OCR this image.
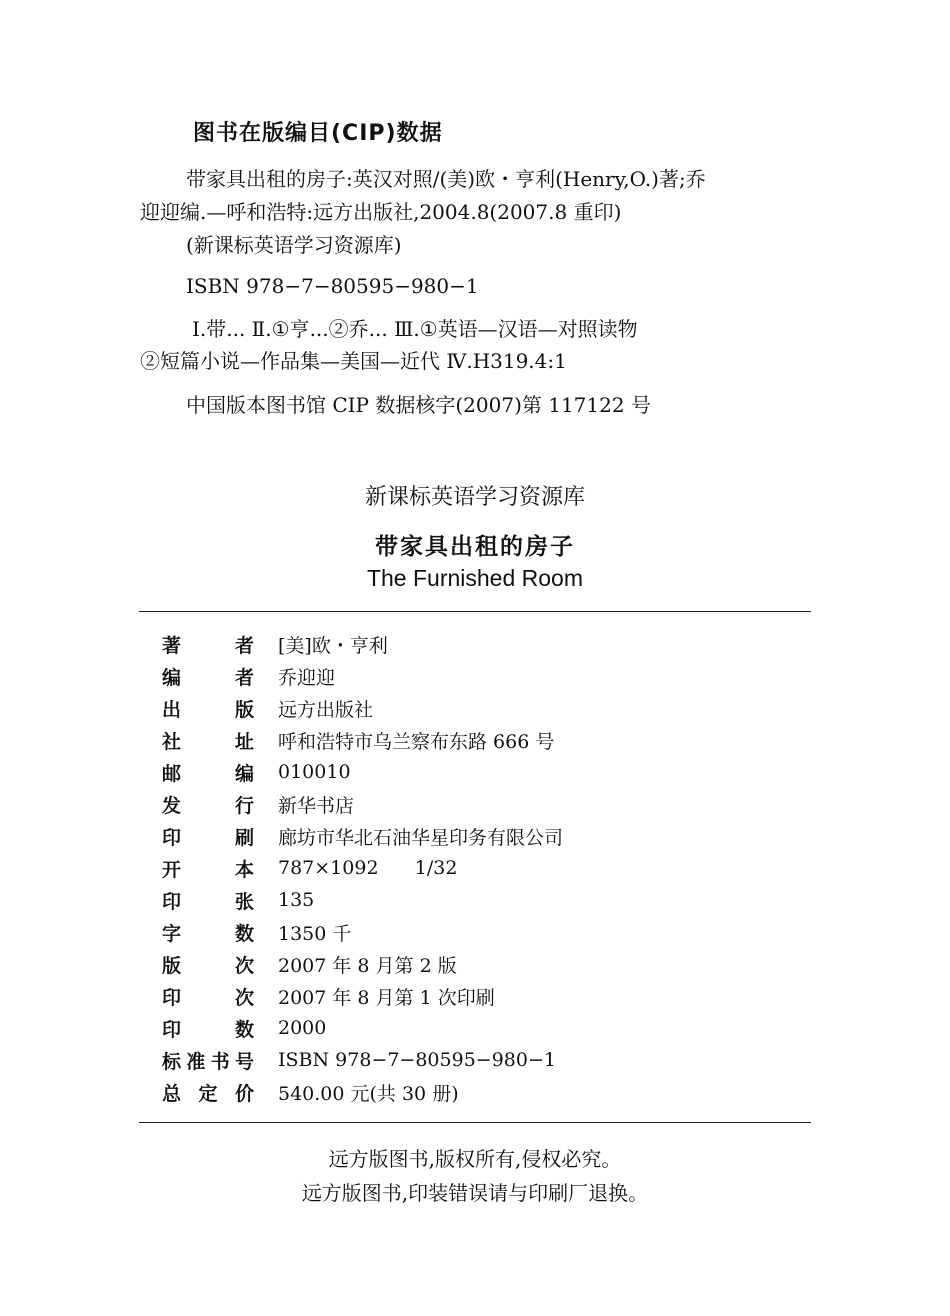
图书在版编目(CIP)数据
带家具出租的房子:英汉对照/(美)欧・亨利(Henry,O.)著;乔
迎迎编.—呼和浩特:远方出版社,2004.8(2007.8 重印)
(新课标英语学习资源库)
ISBN 978−7−80595−980−1
Ⅰ.带... Ⅱ.①亨...②乔... Ⅲ.①英语—汉语—对照读物
②短篇小说—作品集—美国—近代 Ⅳ.H319.4:1
中国版本图书馆 CIP 数据核字(2007)第 117122 号
新课标英语学习资源库
带家具出租的房子
The Furnished Room
著	者 [美]欧・亨利
编	者 乔迎迎
出	版 远方出版社
社	址 呼和浩特市乌兰察布东路 666 号
邮	编 010010
发	行 新华书店
印	刷 廊坊市华北石油华星印务有限公司
开	本 787×1092      1/32
印	张 135
字	数 1350 千
版	次 2007 年 8 月第 2 版
印	次 2007 年 8 月第 1 次印刷
印	数 2000
标 准 书 号 ISBN 978−7−80595−980−1
总 定 价 540.00 元(共 30 册)
远方版图书,版权所有,侵权必究。
远方版图书,印装错误请与印刷厂退换。
